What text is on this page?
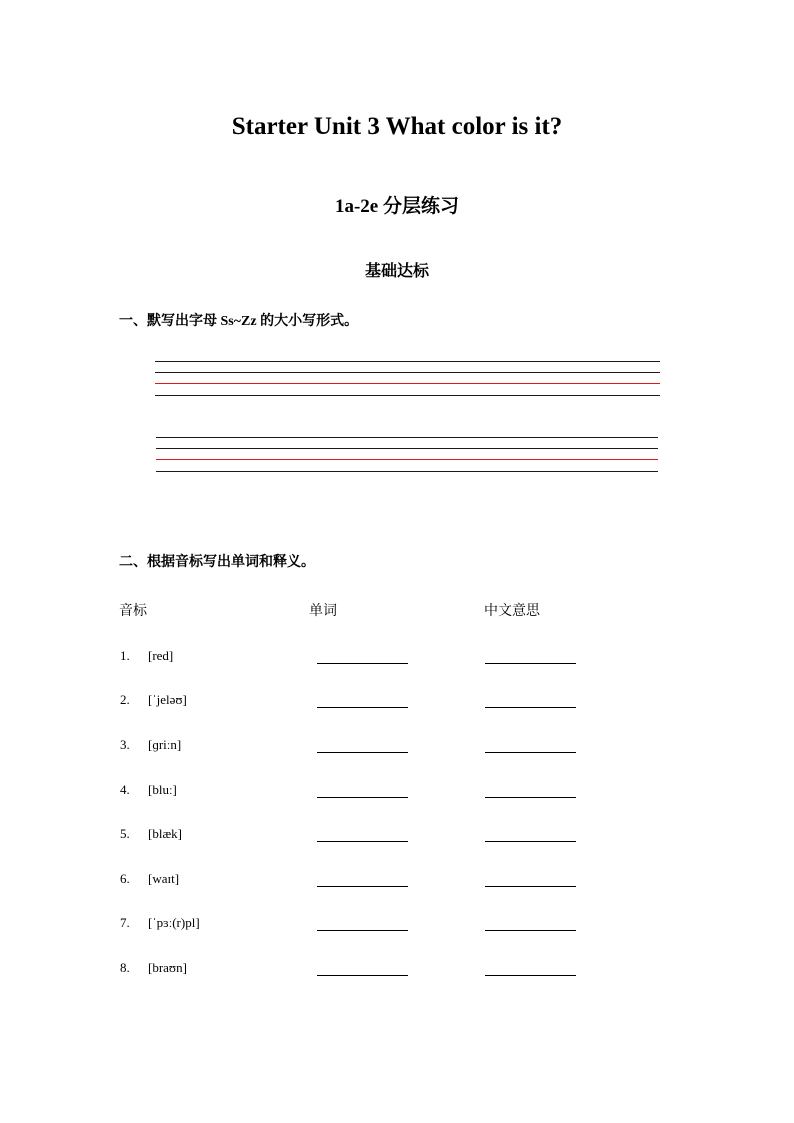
Starter Unit 3 What color is it?
1a-2e 分层练习
基础达标
一、默写出字母 Ss~Zz 的大小写形式。
二、根据音标写出单词和释义。
音标	单词	中文意思
1. [red]
2. [ˈjeləʊ]
3. [ɡriːn]
4. [bluː]
5. [blæk]
6. [waɪt]
7. [ˈpɜː(r)pl]
8. [braʊn]
